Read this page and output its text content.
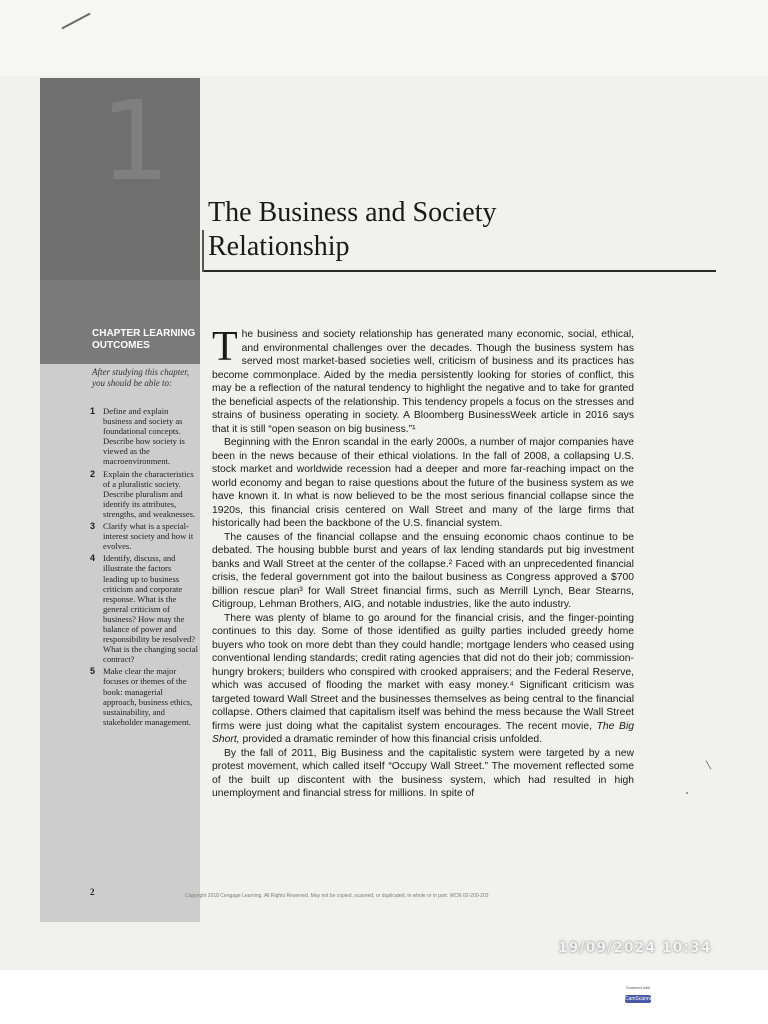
1
CHAPTER LEARNING
OUTCOMES

After studying this chapter, you should be able to:

1 Define and explain business and society as foundational concepts. Describe how society is viewed as the macroenvironment.
2 Explain the characteristics of a pluralistic society. Describe pluralism and identify its attributes, strengths, and weaknesses.
3 Clarify what is a special-interest society and how it evolves.
4 Identify, discuss, and illustrate the factors leading up to business criticism and corporate response. What is the general criticism of business? How may the balance of power and responsibility be resolved? What is the changing social contract?
5 Make clear the major focuses or themes of the book: managerial approach, business ethics, sustainability, and stakeholder management.
2
The Business and Society
Relationship

The business and society relationship has generated many economic, social, ethical, and environmental challenges over the decades. Though the business system has served most market-based societies well, criticism of business and its practices has become commonplace. Aided by the media persistently looking for stories of conflict, this may be a reflection of the natural tendency to highlight the negative and to take for granted the beneficial aspects of the relationship. This tendency propels a focus on the stresses and strains of business operating in society. A Bloomberg BusinessWeek article in 2016 says that it is still “open season on big business.”¹

Beginning with the Enron scandal in the early 2000s, a number of major companies have been in the news because of their ethical violations. In the fall of 2008, a collapsing U.S. stock market and worldwide recession had a deeper and more far-reaching impact on the world economy and began to raise questions about the future of the business system as we have known it. In what is now believed to be the most serious financial collapse since the 1920s, this financial crisis centered on Wall Street and many of the large firms that historically had been the backbone of the U.S. financial system.

The causes of the financial collapse and the ensuing economic chaos continue to be debated. The housing bubble burst and years of lax lending standards put big investment banks and Wall Street at the center of the collapse.² Faced with an unprecedented financial crisis, the federal government got into the bailout business as Congress approved a $700 billion rescue plan³ for Wall Street financial firms, such as Merrill Lynch, Bear Stearns, Citigroup, Lehman Brothers, AIG, and notable industries, like the auto industry.

There was plenty of blame to go around for the financial crisis, and the finger-pointing continues to this day. Some of those identified as guilty parties included greedy home buyers who took on more debt than they could handle; mortgage lenders who ceased using conventional lending standards; credit rating agencies that did not do their job; commission-hungry brokers; builders who conspired with crooked appraisers; and the Federal Reserve, which was accused of flooding the market with easy money.⁴ Significant criticism was targeted toward Wall Street and the businesses themselves as being central to the financial collapse. Others claimed that capitalism itself was behind the mess because the Wall Street firms were just doing what the capitalist system encourages. The recent movie, The Big Short, provided a dramatic reminder of how this financial crisis unfolded.

By the fall of 2011, Big Business and the capitalistic system were targeted by a new protest movement, which called itself “Occupy Wall Street.” The movement reflected some of the built up discontent with the business system, which had resulted in high unemployment and financial stress for millions. In spite of

Copyright 2018 Cengage Learning. All Rights Reserved. May not be copied, scanned, or duplicated, in whole or in part. WCN 02-200-203
19/09/2024 10:34
Scanned with
CamScanner
